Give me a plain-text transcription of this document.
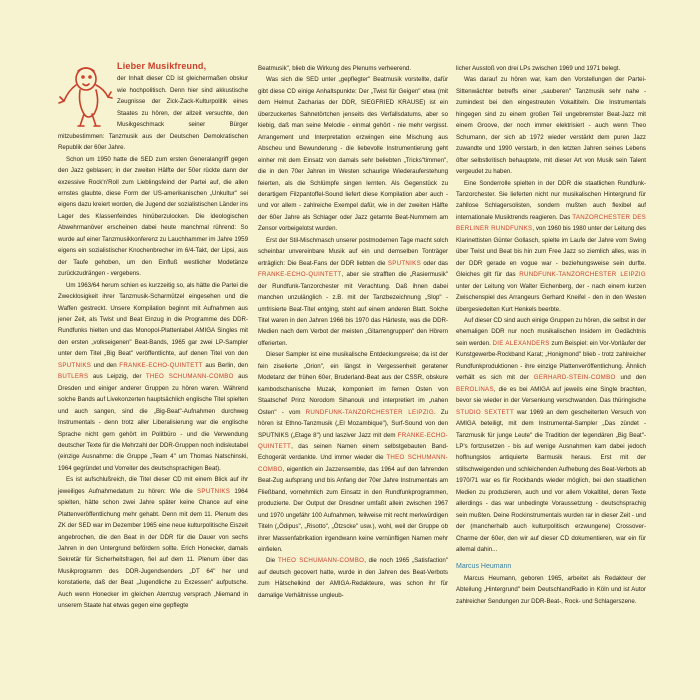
Lieber Musikfreund,

der Inhalt dieser CD ist gleichermaßen obskur wie hochpolitisch. Denn hier sind akkustische Zeugnisse der Zick-Zack-Kulturpolitik eines Staates zu hören, der allzeit versuchte, den Musikgeschmack seiner Bürger mitzubestimmen: Tanzmusik aus der Deutschen Demokratischen Republik der 60er Jahre.

Schon um 1950 hatte die SED zum ersten Generalangriff gegen den Jazz geblasen; in der zweiten Hälfte der 50er rückte dann der exzessive Rock'n'Roll zum Lieblingsfeind der Partei auf, die allen ernstes glaubte, diese Form der US-amerikanischen „Unkultur" sei eigens dazu kreiert worden, die Jugend der sozialistischen Länder ins Lager des Klassenfeindes hinüberzulocken. Die ideologischen Abwehrmanöver erscheinen dabei heute manchmal rührend: So wurde auf einer Tanzmusikkonferenz zu Lauchhammer im Jahre 1959 eigens ein sozialistischer Knochenbrecher im 6/4-Takt, der Lipsi, aus der Taufe gehoben, um den Einfluß westlicher Modetänze zurückzudrängen - vergebens.

Um 1963/64 herum schien es kurzzeitig so, als hätte die Partei die Zwecklosigkeit ihrer Tanzmusik-Scharmützel eingesehen und die Waffen gestreckt. Unsere Kompilation beginnt mit Aufnahmen aus jener Zeit, als Twist und Beat Einzug in die Programme des DDR-Rundfunks hielten und das Monopol-Plattenlabel AMIGA Singles mit den ersten „volkseigenen" Beat-Bands, 1965 gar zwei LP-Sampler unter dem Titel „Big Beat" veröffentlichte, auf denen Titel von den SPUTNIKS und den FRANKE-ECHO-QUINTETT aus Berlin, den BUTLERS aus Leipzig, der THEO SCHUMANN-COMBO aus Dresden und einiger anderer Gruppen zu hören waren. Während solche Bands auf Livekonzerten hauptsächlich englische Titel spielten und auch sangen, sind die „Big-Beat"-Aufnahmen durchweg Instrumentals - denn trotz aller Liberalisierung war die englische Sprache nicht gern gehört im Politbüro - und die Verwendung deutscher Texte für die Mehrzahl der DDR-Gruppen noch indiskutabel (einzige Ausnahme: die Gruppe „Team 4" um Thomas Natschinski, 1964 gegründet und Vorreiter des deutschsprachigen Beat).

Es ist aufschlußreich, die Titel dieser CD mit einem Blick auf ihr jeweiliges Aufnahmedatum zu hören: Wie die SPUTNIKS 1964 spielten, hätte schon zwei Jahre später keine Chance auf eine Plattenveröffentlichung mehr gehabt. Denn mit dem 11. Plenum des ZK der SED war im Dezember 1965 eine neue kulturpolitische Eiszeit angebrochen, die den Beat in der DDR für die Dauer von sechs Jahren in den Untergrund befördern sollte. Erich Honecker, damals Sekretär für Sicherheitsfragen, fiel auf dem 11. Plenum über das Musikprogramm des DDR-Jugendsenders „DT 64" her und konstatierte, daß der Beat „Jugendliche zu Exzessen" aufputsche. Auch wenn Honecker im gleichen Atemzug versprach „Niemand in unserem Staate hat etwas gegen eine gepflegte

Beatmusik", blieb die Wirkung des Plenums verheerend.

Was sich die SED unter „gepflegter" Beatmusik vorstellte, dafür gibt diese CD einige Anhaltspunkte: Der „Twist für Geigen" etwa (mit dem Helmut Zacharias der DDR, SIEGFRIED KRAUSE) ist ein überzuckertes Sahnetörtchen jenseits des Verfallsdatums, aber so kiebig, daß man seine Melodie - einmal gehört - nie mehr vergisst. Arrangement und Interpretation erzwingen eine Mischung aus Abscheu und Bewunderung - die liebevolle Instrumentierung geht einher mit dem Einsatz von damals sehr beliebten „Tricks"timmen", die in den 70er Jahren im Westen schaurige Wiederauferstehung feierten, als die Schlümpfe singen lernten. Als Gegenstück zu derartigem Filzpantoffel-Sound liefert diese Kompilation aber auch - und vor allem - zahlreiche Exempel dafür, wie in der zweiten Hälfte der 60er Jahre als Schlager oder Jazz getarnte Beat-Nummern am Zensor vorbeigelotst wurden.

Erst der Stil-Mischmasch unserer postmodernen Tage macht solch scheinbar unvereinbare Musik auf ein und demselben Tonträger erträglich: Die Beat-Fans der DDR liebten die SPUTNIKS oder das FRANKE-ECHO-QUINTETT, aber sie strafften die „Rasiermusik" der Rundfunk-Tanzorchester mit Verachtung. Daß ihnen dabei manchen unzulänglich - z.B. mit der Tanzbezeichnung „Slop" - umfrisierte Beat-Titel entging, steht auf einem anderen Blatt. Solche Titel waren in den Jahren 1966 bis 1970 das Härteste, was die DDR-Medien nach dem Verbot der meisten „Gitarrengruppen" den Hörern offerierten.

Dieser Sampler ist eine musikalische Entdeckungsreise; da ist der fein ziselierte „Orion", ein längst in Vergessenheit geratener Modetanz der frühen 60er, Bruderland-Beat aus der CSSR, obskure kambodschanische Muzak, komponiert im fernen Osten von Staatschef Prinz Norodom Sihanouk und interpretiert im „nahen Osten" - vom RUNDFUNK-TANZORCHESTER LEIPZIG. Zu hören ist Ethno-Tanzmusik („El Mozambique"), Surf-Sound von den SPUTNIKS („Etage 8") und lasziver Jazz mit dem FRANKE-ECHO-QUINTETT, das seinen Namen einem selbstgebauten Band-Echogerät verdankte. Und immer wieder die THEO SCHUMANN-COMBO, eigentlich ein Jazzensemble, das 1964 auf den fahrenden Beat-Zug aufsprang und bis Anfang der 70er Jahre Instrumentals am Fließband, vornehmlich zum Einsatz in den Rundfunkprogrammen, produzierte. Der Output der Dresdner umfaßt allein zwischen 1967 und 1970 ungefähr 100 Aufnahmen, teilweise mit recht merkwürdigen Titeln („Ödipus", „Risotto", „Ötzscke" usw.), wohl, weil der Gruppe ob ihrer Massenfabrikation irgendwann keine vernünftigen Namen mehr einfielen.

Die THEO SCHUMANN-COMBO, die noch 1965 „Satisfaction" auf deutsch gecovert hatte, wurde in den Jahren des Beat-Verbots zum Hätschelkind der AMIGA-Redakteure, was schon ihr für damalige Verhältnisse ungleub-

licher Ausstoß von drei LPs zwischen 1969 und 1971 belegt.

Was darauf zu hören war, kam den Vorstellungen der Partei-Sittenwächter betreffs einer „sauberen" Tanzmusik sehr nahe - zumindest bei den eingestreuten Vokaltiteln. Die Instrumentals hingegen sind zu einem großen Teil ungebremster Beat-Jazz mit einem Groove, der noch immer elektrisiert - auch wenn Theo Schumann, der sich ab 1972 wieder verstärkt dem puren Jazz zuwandte und 1990 verstarb, in den letzten Jahren seines Lebens öfter selbstkritisch behauptete, mit dieser Art von Musik sein Talent vergeudet zu haben.

Eine Sonderrolle spielten in der DDR die staatlichen Rundfunk-Tanzorchester. Sie lieferten nicht nur musikalischen Hintergrund für zahllose Schlagersolisten, sondern mußten auch flexibel auf internationale Musiktrends reagieren. Das TANZORCHESTER DES BERLINER RUNDFUNKS, von 1960 bis 1980 unter der Leitung des Klarinettisten Günter Gollasch, spielte im Laufe der Jahre vom Swing über Twist und Beat bis hin zum Free Jazz so ziemlich alles, was in der DDR gerade en vogue war - beziehungsweise sein durfte. Gleiches gilt für das RUNDFUNK-TANZORCHESTER LEIPZIG unter der Leitung von Walter Eichenberg, der - nach einem kurzen Zwischenspiel des Arrangeurs Gerhard Kneifel - den in den Westen übergesiedelten Kurt Henkels beerbte.

Auf dieser CD sind auch einige Gruppen zu hören, die selbst in der ehemaligen DDR nur noch musikalischen Insidern im Gedächtnis sein werden. DIE ALEXANDERS zum Beispiel: ein Vor-Vorläufer der Kunstgewerbe-Rockband Karat; „Honigmond" blieb - trotz zahlreicher Rundfunkproduktionen - ihre einzige Plattenveröffentlichung. Ähnlich verhält es sich mit der GERHARD-STEIN-COMBO und den BEROLINAS, die es bei AMIGA auf jeweils eine Single brachten, bevor sie wieder in der Versenkung verschwanden. Das thüringische STUDIO SEXTETT war 1969 an dem gescheiterten Versuch von AMIGA beteiligt, mit dem Instrumental-Sampler „Das zündet - Tanzmusik für junge Leute" die Tradition der legendären „Big Beat"-LP's fortzusetzen - bis auf wenige Ausnahmen kam dabei jedoch hoffnungslos antiquierte Barmusik heraus. Erst mit der stillschweigenden und schleichenden Aufhebung des Beat-Verbots ab 1970/71 war es für Rockbands wieder möglich, bei den staatlichen Medien zu produzieren, auch und vor allem Vokaltitel, deren Texte allerdings - das war unbedingte Voraussetzung - deutschsprachig sein mußten. Deine Rockinstrumentals wurden rar in dieser Zeit - und der (mancherhalb auch kulturpolitisch erzwungene) Crossover-Charme der 60er, den wir auf dieser CD dokumentieren, war ein für allemal dahin...

Marcus Heumann

Marcus Heumann, geboren 1965, arbeitet als Redakteur der Abteilung „Hintergrund" beim DeutschlandRadio in Köln und ist Autor zahlreicher Sendungen zur DDR-Beat-, Rock- und Schlagerszene.
